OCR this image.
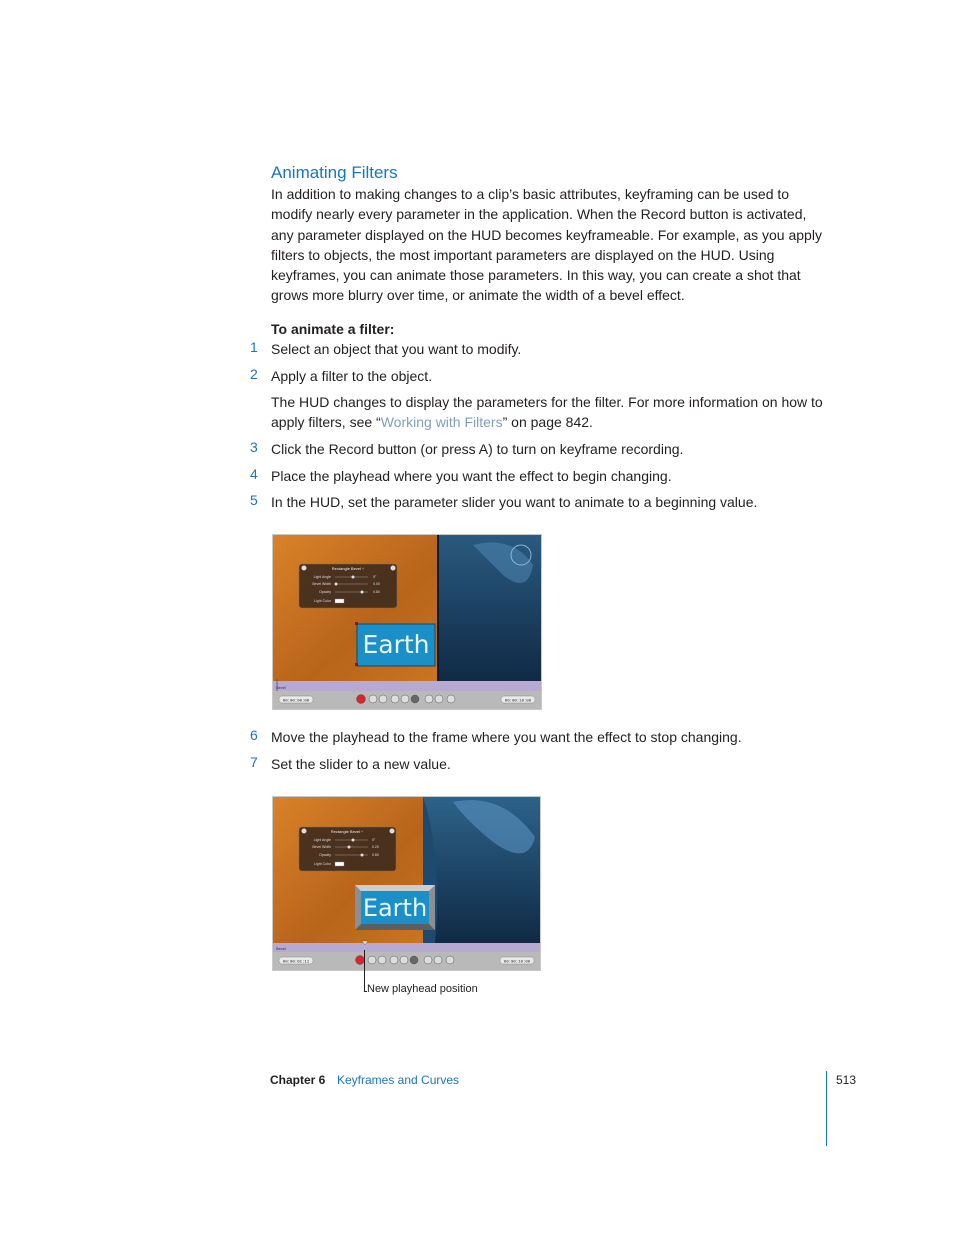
Animating Filters
In addition to making changes to a clip’s basic attributes, keyframing can be used to modify nearly every parameter in the application. When the Record button is activated, any parameter displayed on the HUD becomes keyframeable. For example, as you apply filters to objects, the most important parameters are displayed on the HUD. Using keyframes, you can animate those parameters. In this way, you can create a shot that grows more blurry over time, or animate the width of a bevel effect.
To animate a filter:
1 Select an object that you want to modify.
2 Apply a filter to the object.
The HUD changes to display the parameters for the filter. For more information on how to apply filters, see “Working with Filters” on page 842.
3 Click the Record button (or press A) to turn on keyframe recording.
4 Place the playhead where you want the effect to begin changing.
5 In the HUD, set the parameter slider you want to animate to a beginning value.
Rectangle Bevel ÷
Light Angle	0°
Bevel Width	0.00
Opacity	0.80
Light Color
Earth
Bevel
00:00:00:00	00:00:10:00
6 Move the playhead to the frame where you want the effect to stop changing.
7 Set the slider to a new value.
Rectangle Bevel ÷
Light Angle	0°
Bevel Width	0.20
Opacity	0.80
Light Color
Earth
Bevel
00:00:01:11	00:00:10:00
New playhead position
Chapter 6 Keyframes and Curves	513
